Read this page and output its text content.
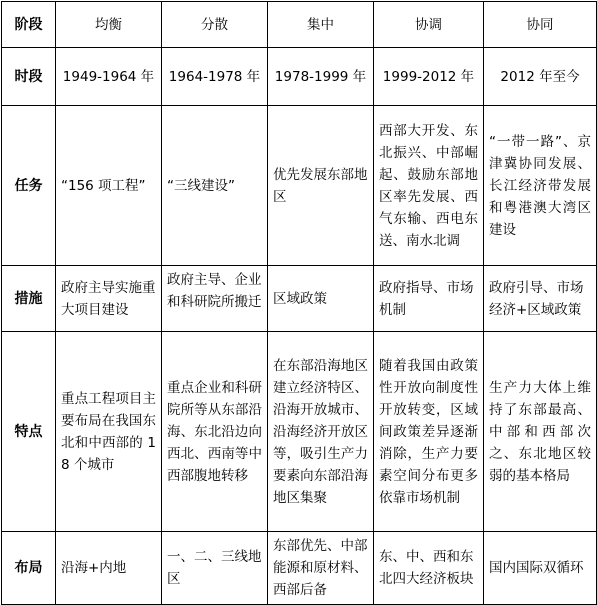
阶段	均衡	分散	集中	协调	协同
时段	1949-1964 年	1964-1978 年	1978-1999 年	1999-2012 年	2012 年至今
任务	“156 项工程”	“三线建设”	优先发展东部地区	西部大开发、东北振兴、中部崛起、鼓励东部地区率先发展、西气东输、西电东送、南水北调	“一带一路”、京津冀协同发展、长江经济带发展和粤港澳大湾区建设
措施	政府主导实施重大项目建设	政府主导、企业和科研院所搬迁	区域政策	政府指导、市场机制	政府引导、市场经济+区域政策
特点	重点工程项目主要布局在我国东北和中西部的 18 个城市	重点企业和科研院所等从东部沿海、东北沿边向西北、西南等中西部腹地转移	在东部沿海地区建立经济特区、沿海开放城市、沿海经济开放区等，吸引生产力要素向东部沿海地区集聚	随着我国由政策性开放向制度性开放转变，区域间政策差异逐渐消除，生产力要素空间分布更多依靠市场机制	生产力大体上维持了东部最高、中部和西部次之、东北地区较弱的基本格局
布局	沿海+内地	一、二、三线地区	东部优先、中部能源和原材料、西部后备	东、中、西和东北四大经济板块	国内国际双循环
